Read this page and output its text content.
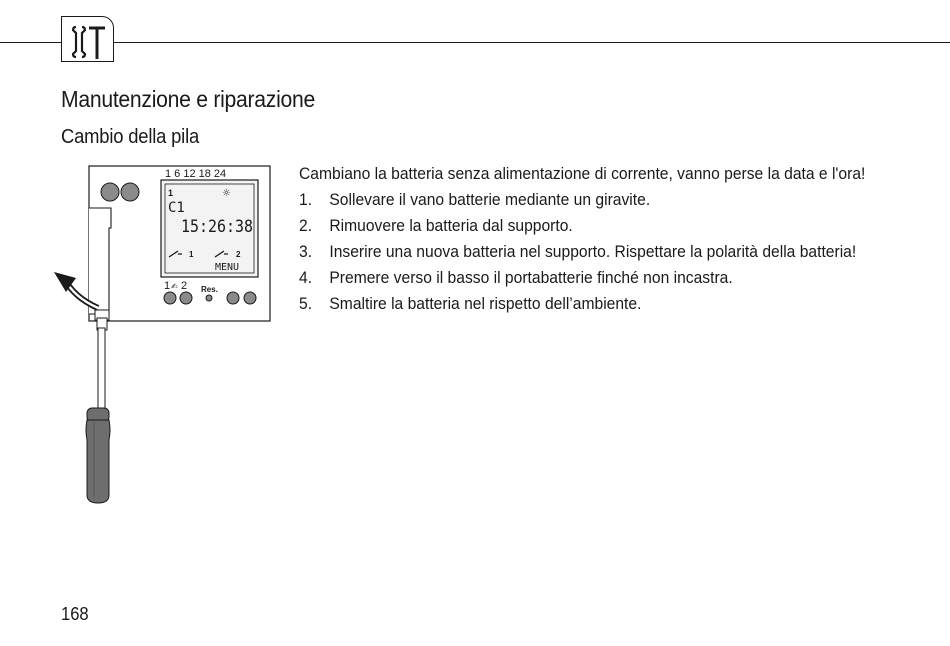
Manutenzione e riparazione
Cambio della pila
1 6 12 18 24
1	☼
C1
15:26:38
1	2
MENU
1 ✍ 2 Res.

Cambiano la batteria senza alimentazione di corrente, vanno perse la data e l'ora!

1.	Sollevare il vano batterie mediante un giravite.
2.	Rimuovere la batteria dal supporto.
3.	Inserire una nuova batteria nel supporto. Rispettare la polarità della batteria!
4.	Premere verso il basso il portabatterie finché non incastra.
5.	Smaltire la batteria nel rispetto dell’ambiente.
168
